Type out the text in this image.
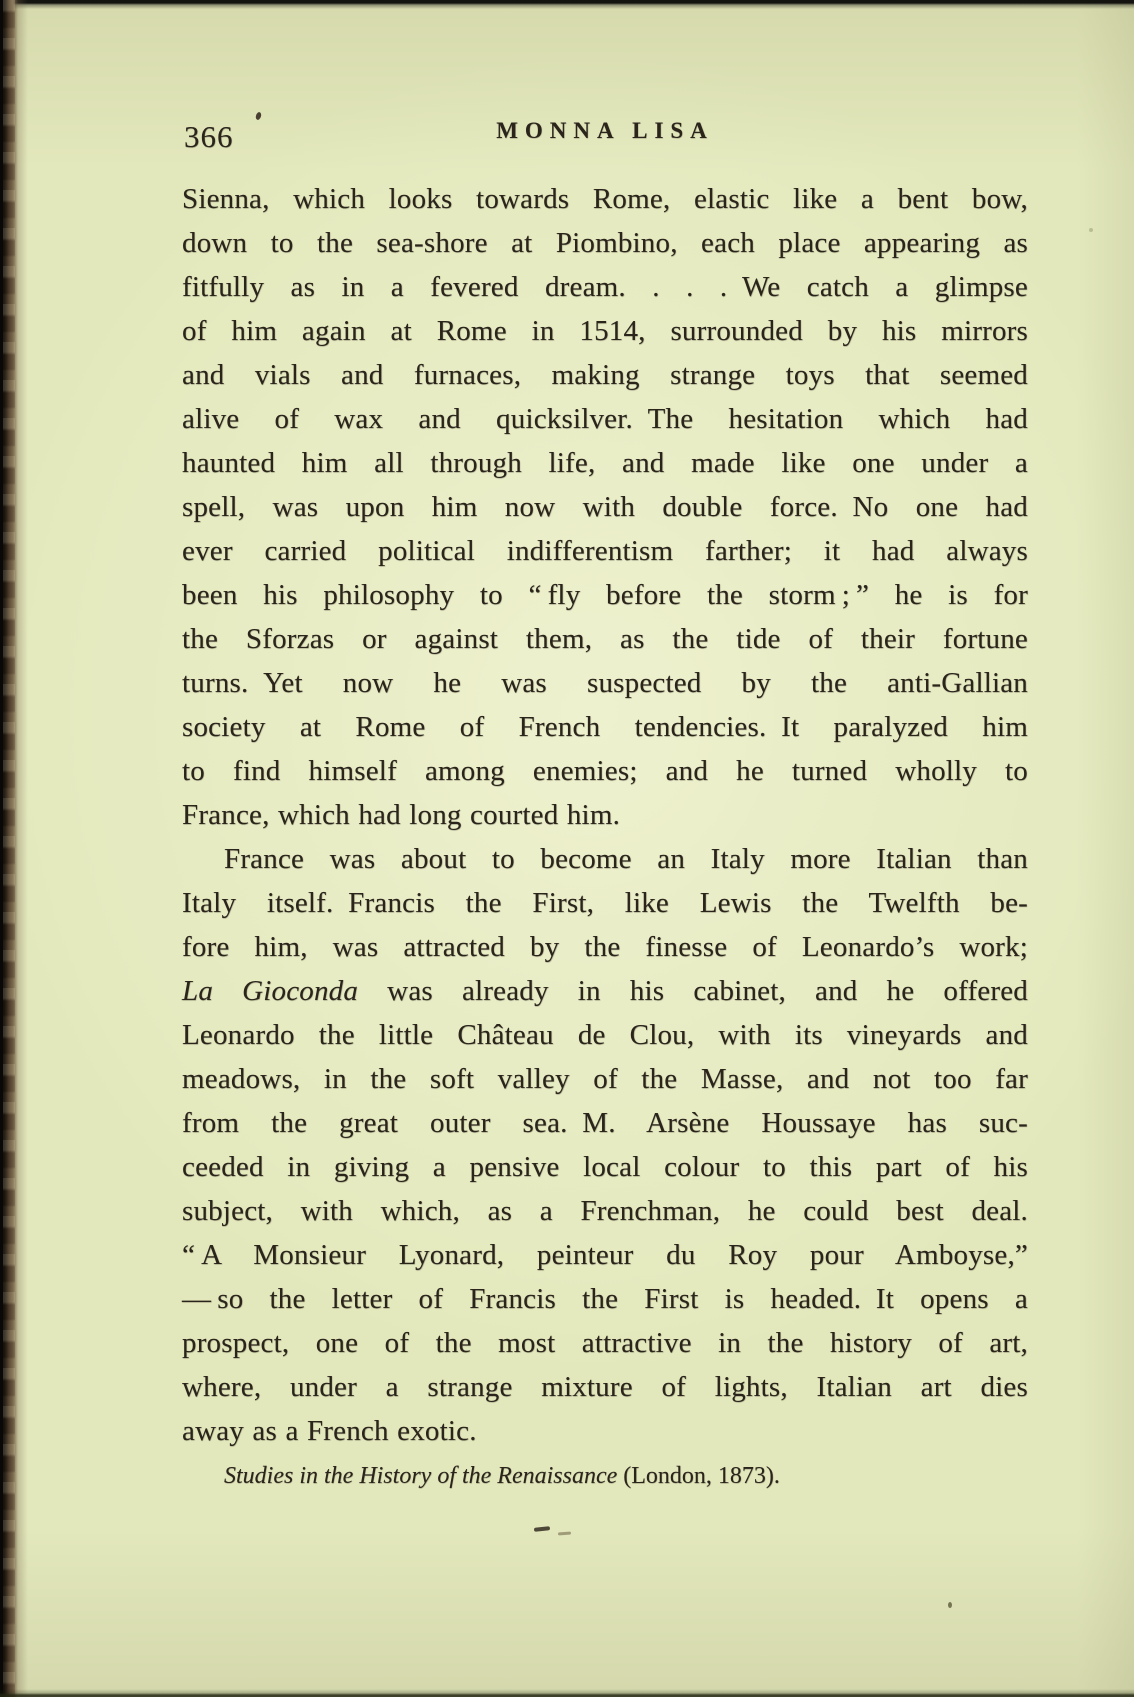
366	MONNA LISA
Sienna, which looks towards Rome, elastic like a bent bow,
down to the sea-shore at Piombino, each place appearing as
fitfully as in a fevered dream. . . . We catch a glimpse
of him again at Rome in 1514, surrounded by his mirrors
and vials and furnaces, making strange toys that seemed
alive of wax and quicksilver. The hesitation which had
haunted him all through life, and made like one under a
spell, was upon him now with double force. No one had
ever carried political indifferentism farther; it had always
been his philosophy to “ fly before the storm ; ” he is for
the Sforzas or against them, as the tide of their fortune
turns. Yet now he was suspected by the anti-Gallian
society at Rome of French tendencies. It paralyzed him
to find himself among enemies; and he turned wholly to
France, which had long courted him.
France was about to become an Italy more Italian than
Italy itself. Francis the First, like Lewis the Twelfth be-
fore him, was attracted by the finesse of Leonardo’s work;
La Gioconda was already in his cabinet, and he offered
Leonardo the little Château de Clou, with its vineyards and
meadows, in the soft valley of the Masse, and not too far
from the great outer sea. M. Arsène Houssaye has suc-
ceeded in giving a pensive local colour to this part of his
subject, with which, as a Frenchman, he could best deal.
“ A Monsieur Lyonard, peinteur du Roy pour Amboyse,”
— so the letter of Francis the First is headed. It opens a
prospect, one of the most attractive in the history of art,
where, under a strange mixture of lights, Italian art dies
away as a French exotic.
Studies in the History of the Renaissance (London, 1873).
